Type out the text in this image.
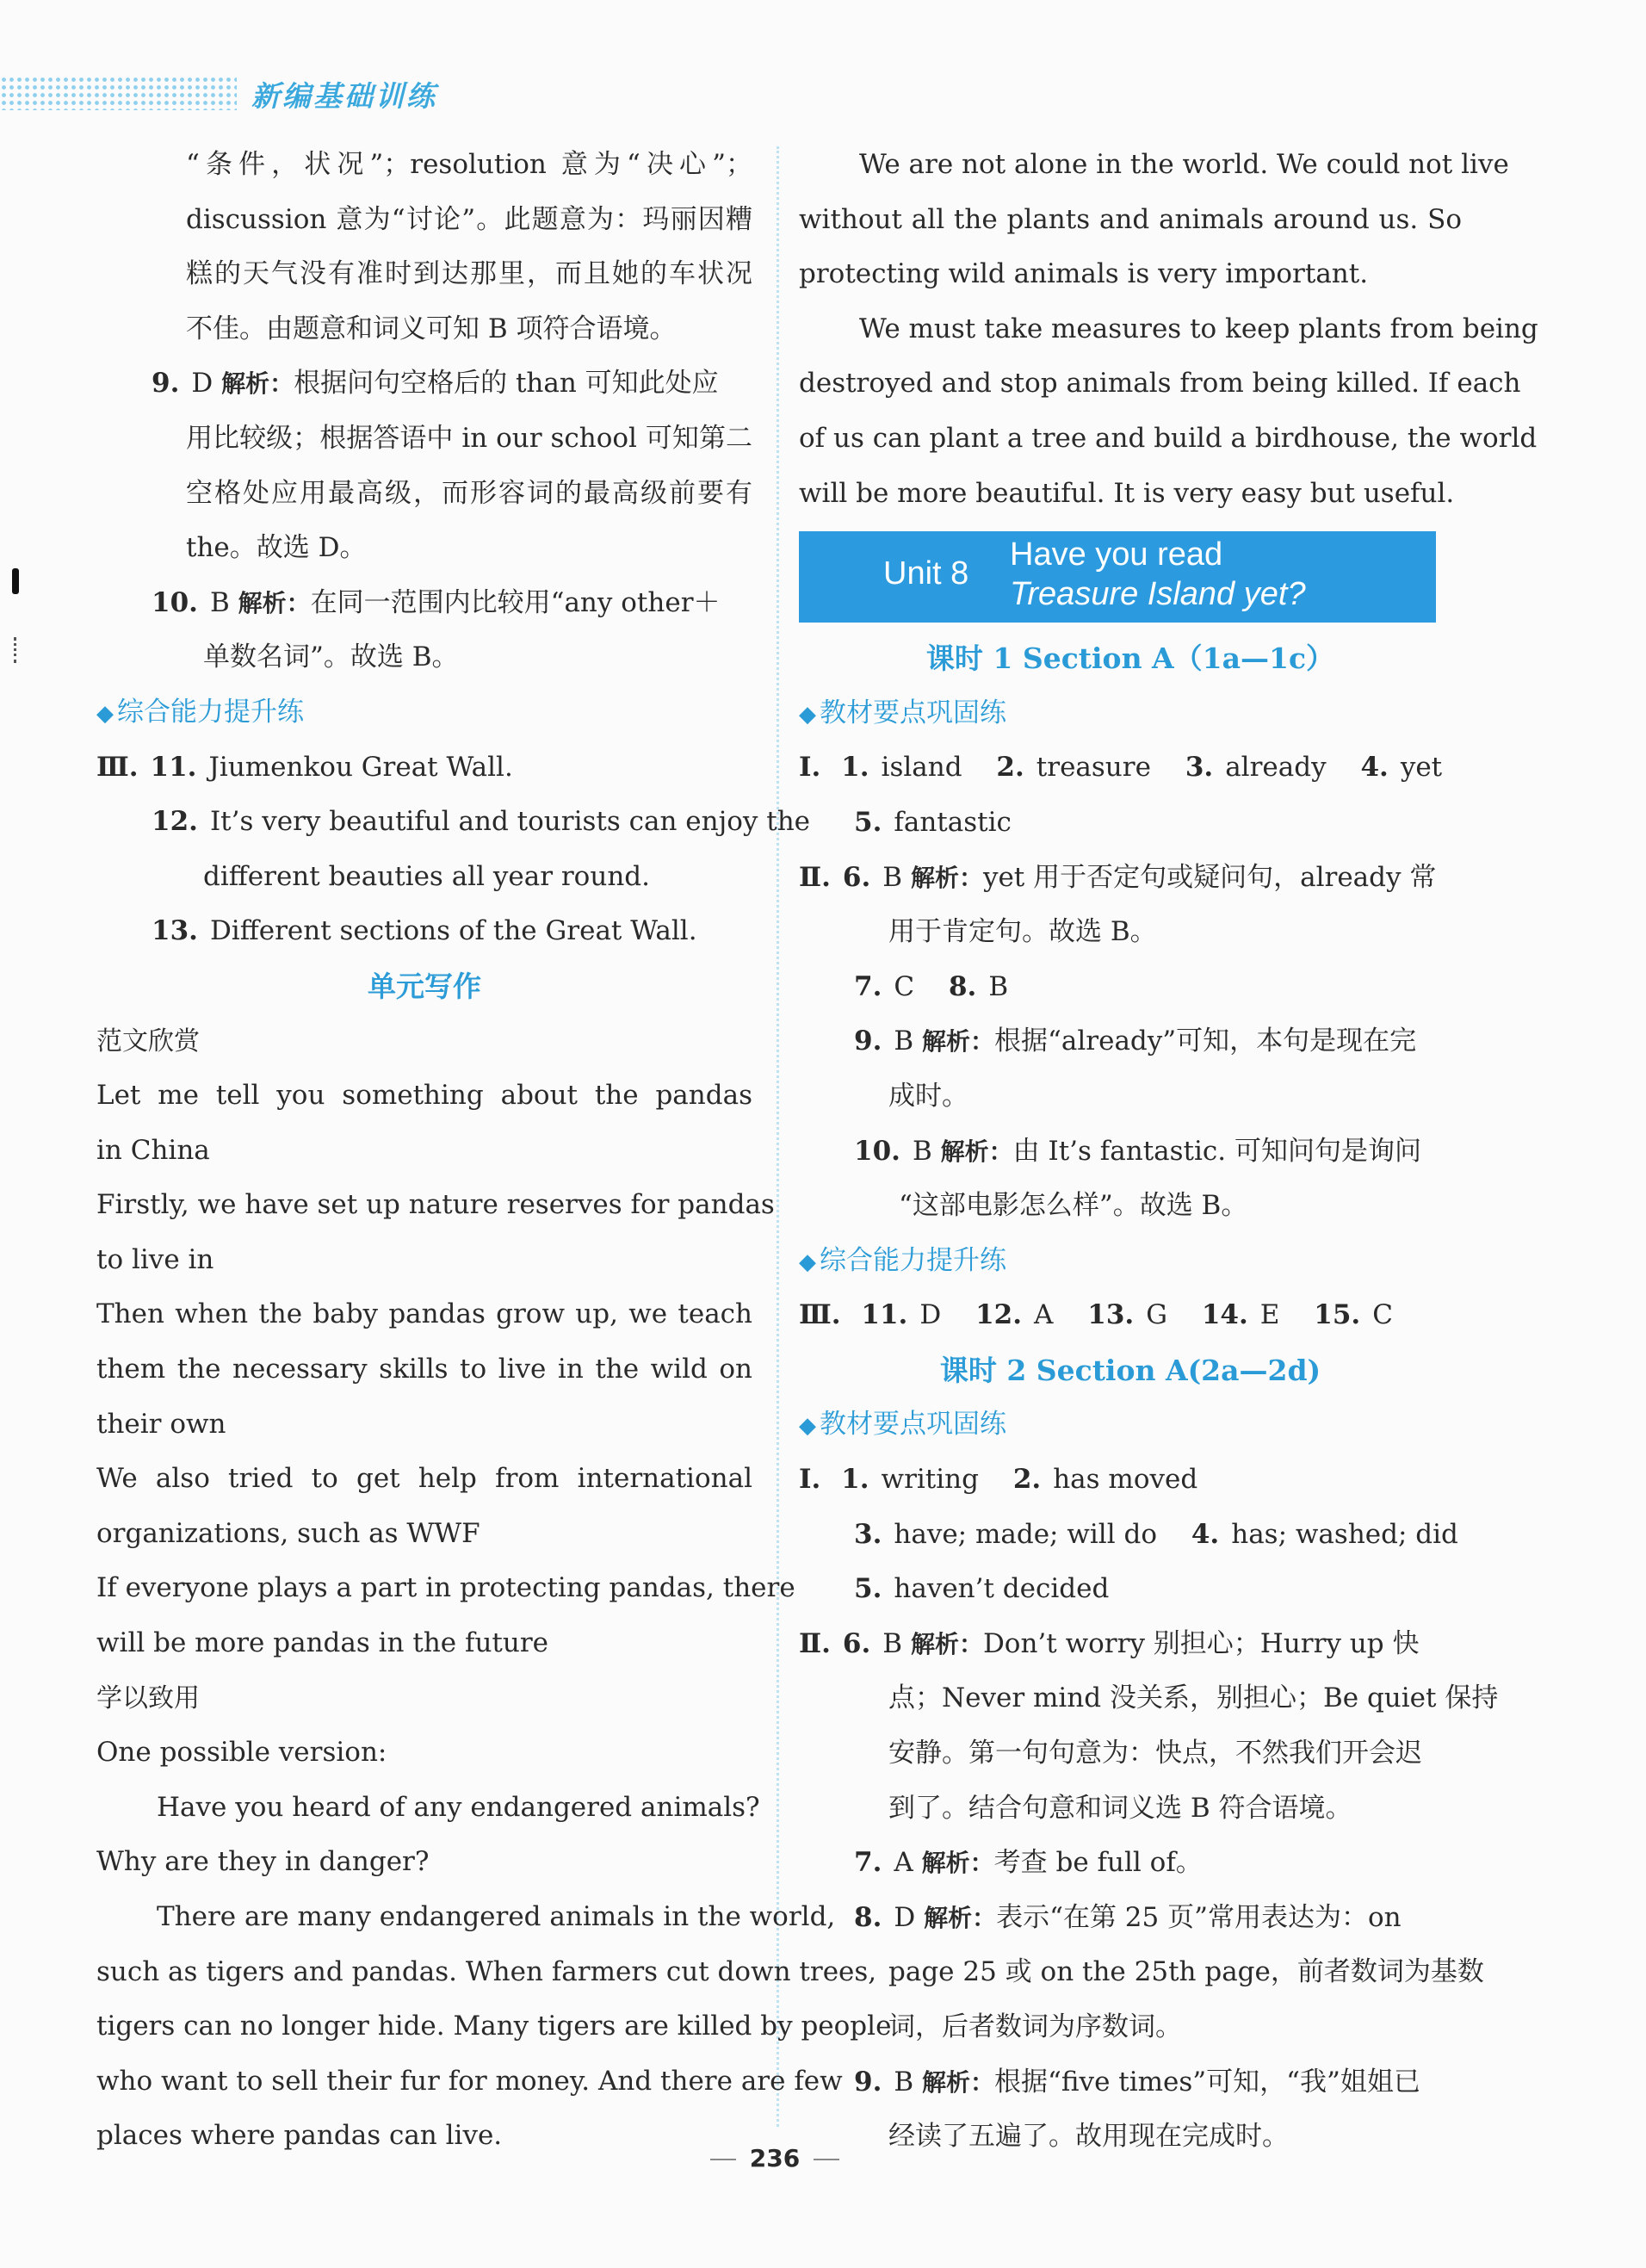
新编基础训练
“条件，状况”；resolution 意为“决心”；
discussion 意为“讨论”。此题意为：玛丽因糟
糕的天气没有准时到达那里，而且她的车状况
不佳。由题意和词义可知 B 项符合语境。
9. D 解析：根据问句空格后的 than 可知此处应
用比较级；根据答语中 in our school 可知第二
空格处应用最高级，而形容词的最高级前要有
the。故选 D。
10. B 解析：在同一范围内比较用“any other＋
单数名词”。故选 B。
◆ 综合能力提升练
Ⅲ. 11. Jiumenkou Great Wall.
12. It’s very beautiful and tourists can enjoy the
different beauties all year round.
13. Different sections of the Great Wall.
单元写作
范文欣赏
Let me tell you something about the pandas
in China
Firstly, we have set up nature reserves for pandas
to live in
Then when the baby pandas grow up, we teach
them the necessary skills to live in the wild on
their own
We also tried to get help from international
organizations, such as WWF
If everyone plays a part in protecting pandas, there
will be more pandas in the future
学以致用
One possible version:
Have you heard of any endangered animals?
Why are they in danger?
There are many endangered animals in the world,
such as tigers and pandas. When farmers cut down trees,
tigers can no longer hide. Many tigers are killed by people
who want to sell their fur for money. And there are few
places where pandas can live.
We are not alone in the world. We could not live
without all the plants and animals around us. So
protecting wild animals is very important.
We must take measures to keep plants from being
destroyed and stop animals from being killed. If each
of us can plant a tree and build a birdhouse, the world
will be more beautiful. It is very easy but useful.
Unit 8
Have you read
Treasure Island yet?
课时 1 Section A（1a—1c）
◆ 教材要点巩固练
Ⅰ. 1. island 2. treasure 3. already 4. yet
5. fantastic
Ⅱ. 6. B 解析：yet 用于否定句或疑问句，already 常
用于肯定句。故选 B。
7. C 8. B
9. B 解析：根据“already”可知，本句是现在完
成时。
10. B 解析：由 It’s fantastic. 可知问句是询问
“这部电影怎么样”。故选 B。
◆ 综合能力提升练
Ⅲ. 11. D 12. A 13. G 14. E 15. C
课时 2 Section A(2a—2d)
◆ 教材要点巩固练
Ⅰ. 1. writing 2. has moved
3. have; made; will do 4. has; washed; did
5. haven’t decided
Ⅱ. 6. B 解析：Don’t worry 别担心；Hurry up 快
点；Never mind 没关系，别担心；Be quiet 保持
安静。第一句句意为：快点，不然我们开会迟
到了。结合句意和词义选 B 符合语境。
7. A 解析：考查 be full of。
8. D 解析：表示“在第 25 页”常用表达为：on
page 25 或 on the 25th page，前者数词为基数
词，后者数词为序数词。
9. B 解析：根据“five times”可知，“我”姐姐已
经读了五遍了。故用现在完成时。
236
